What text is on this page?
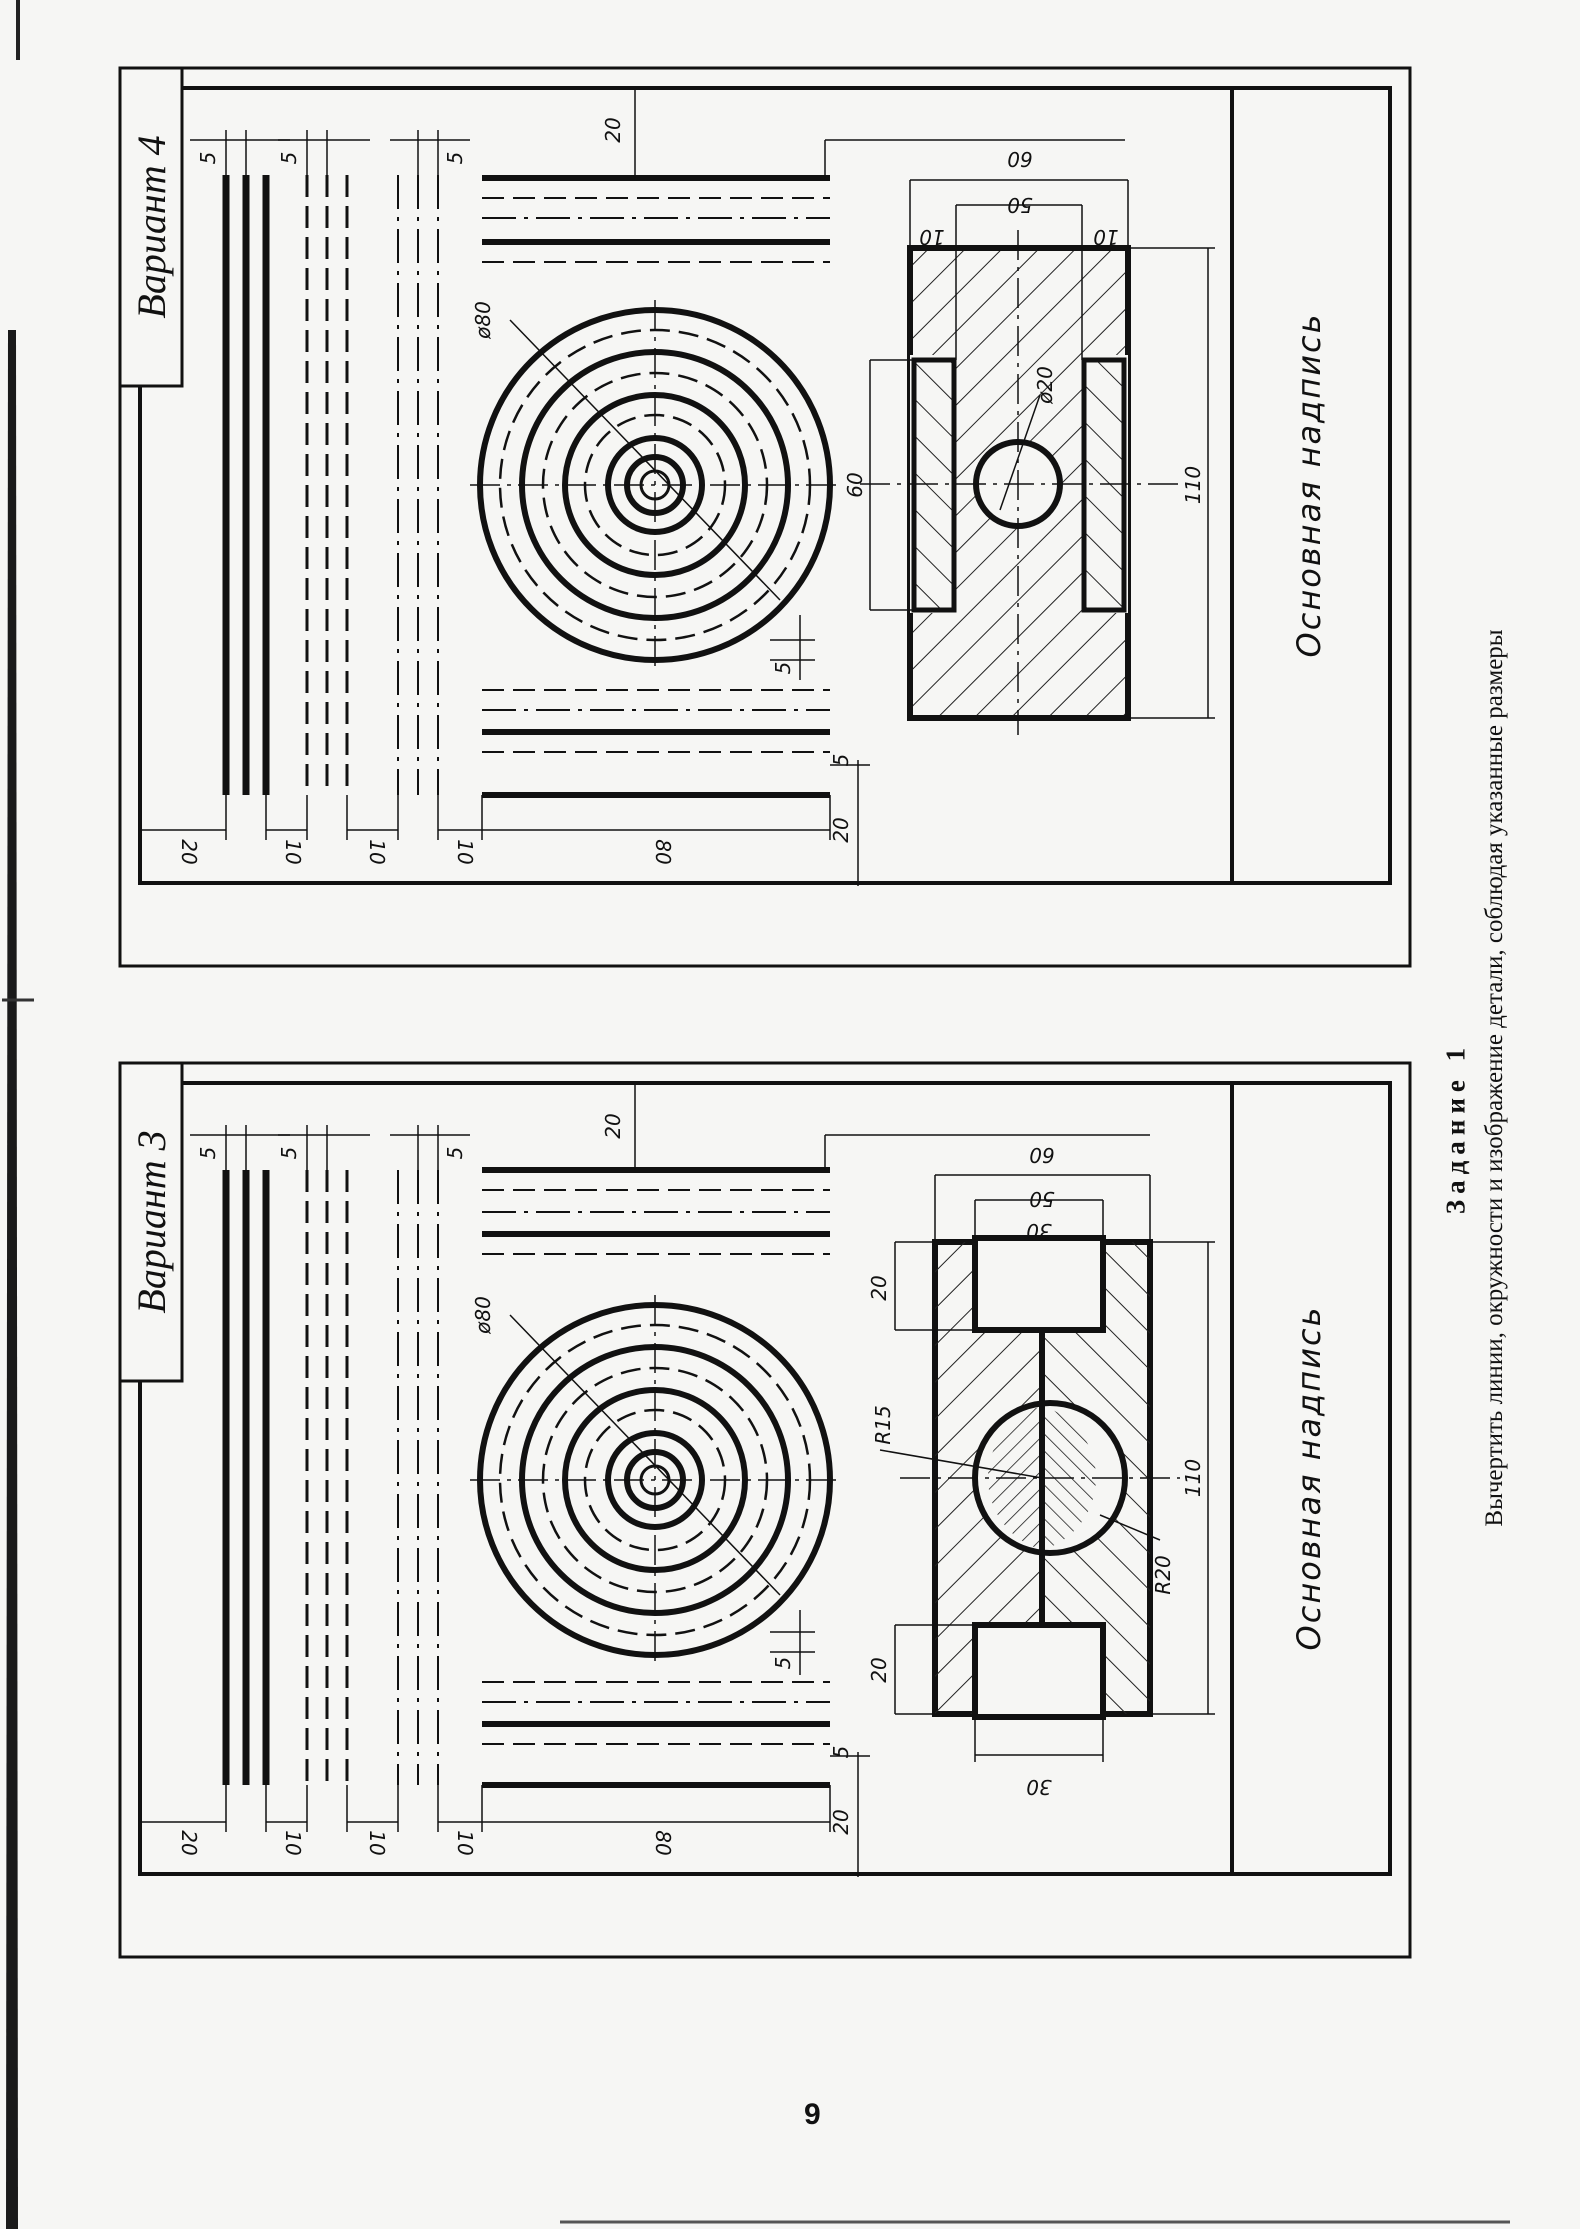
Вариант 4
Основная надпись
5	5	5
20	10	10	10	80
20
20
5
5
ø80
110
60
60
50
10	10
ø20
Вариант 3
Основная надпись
5	5	5
20	10	10	10	80
20
20
5
5
ø80
110
60
50
30
30
20
20
R15
R20
Задание 1 Вычертить линии, окружности и изображение детали, соблюдая указанные размеры
9
